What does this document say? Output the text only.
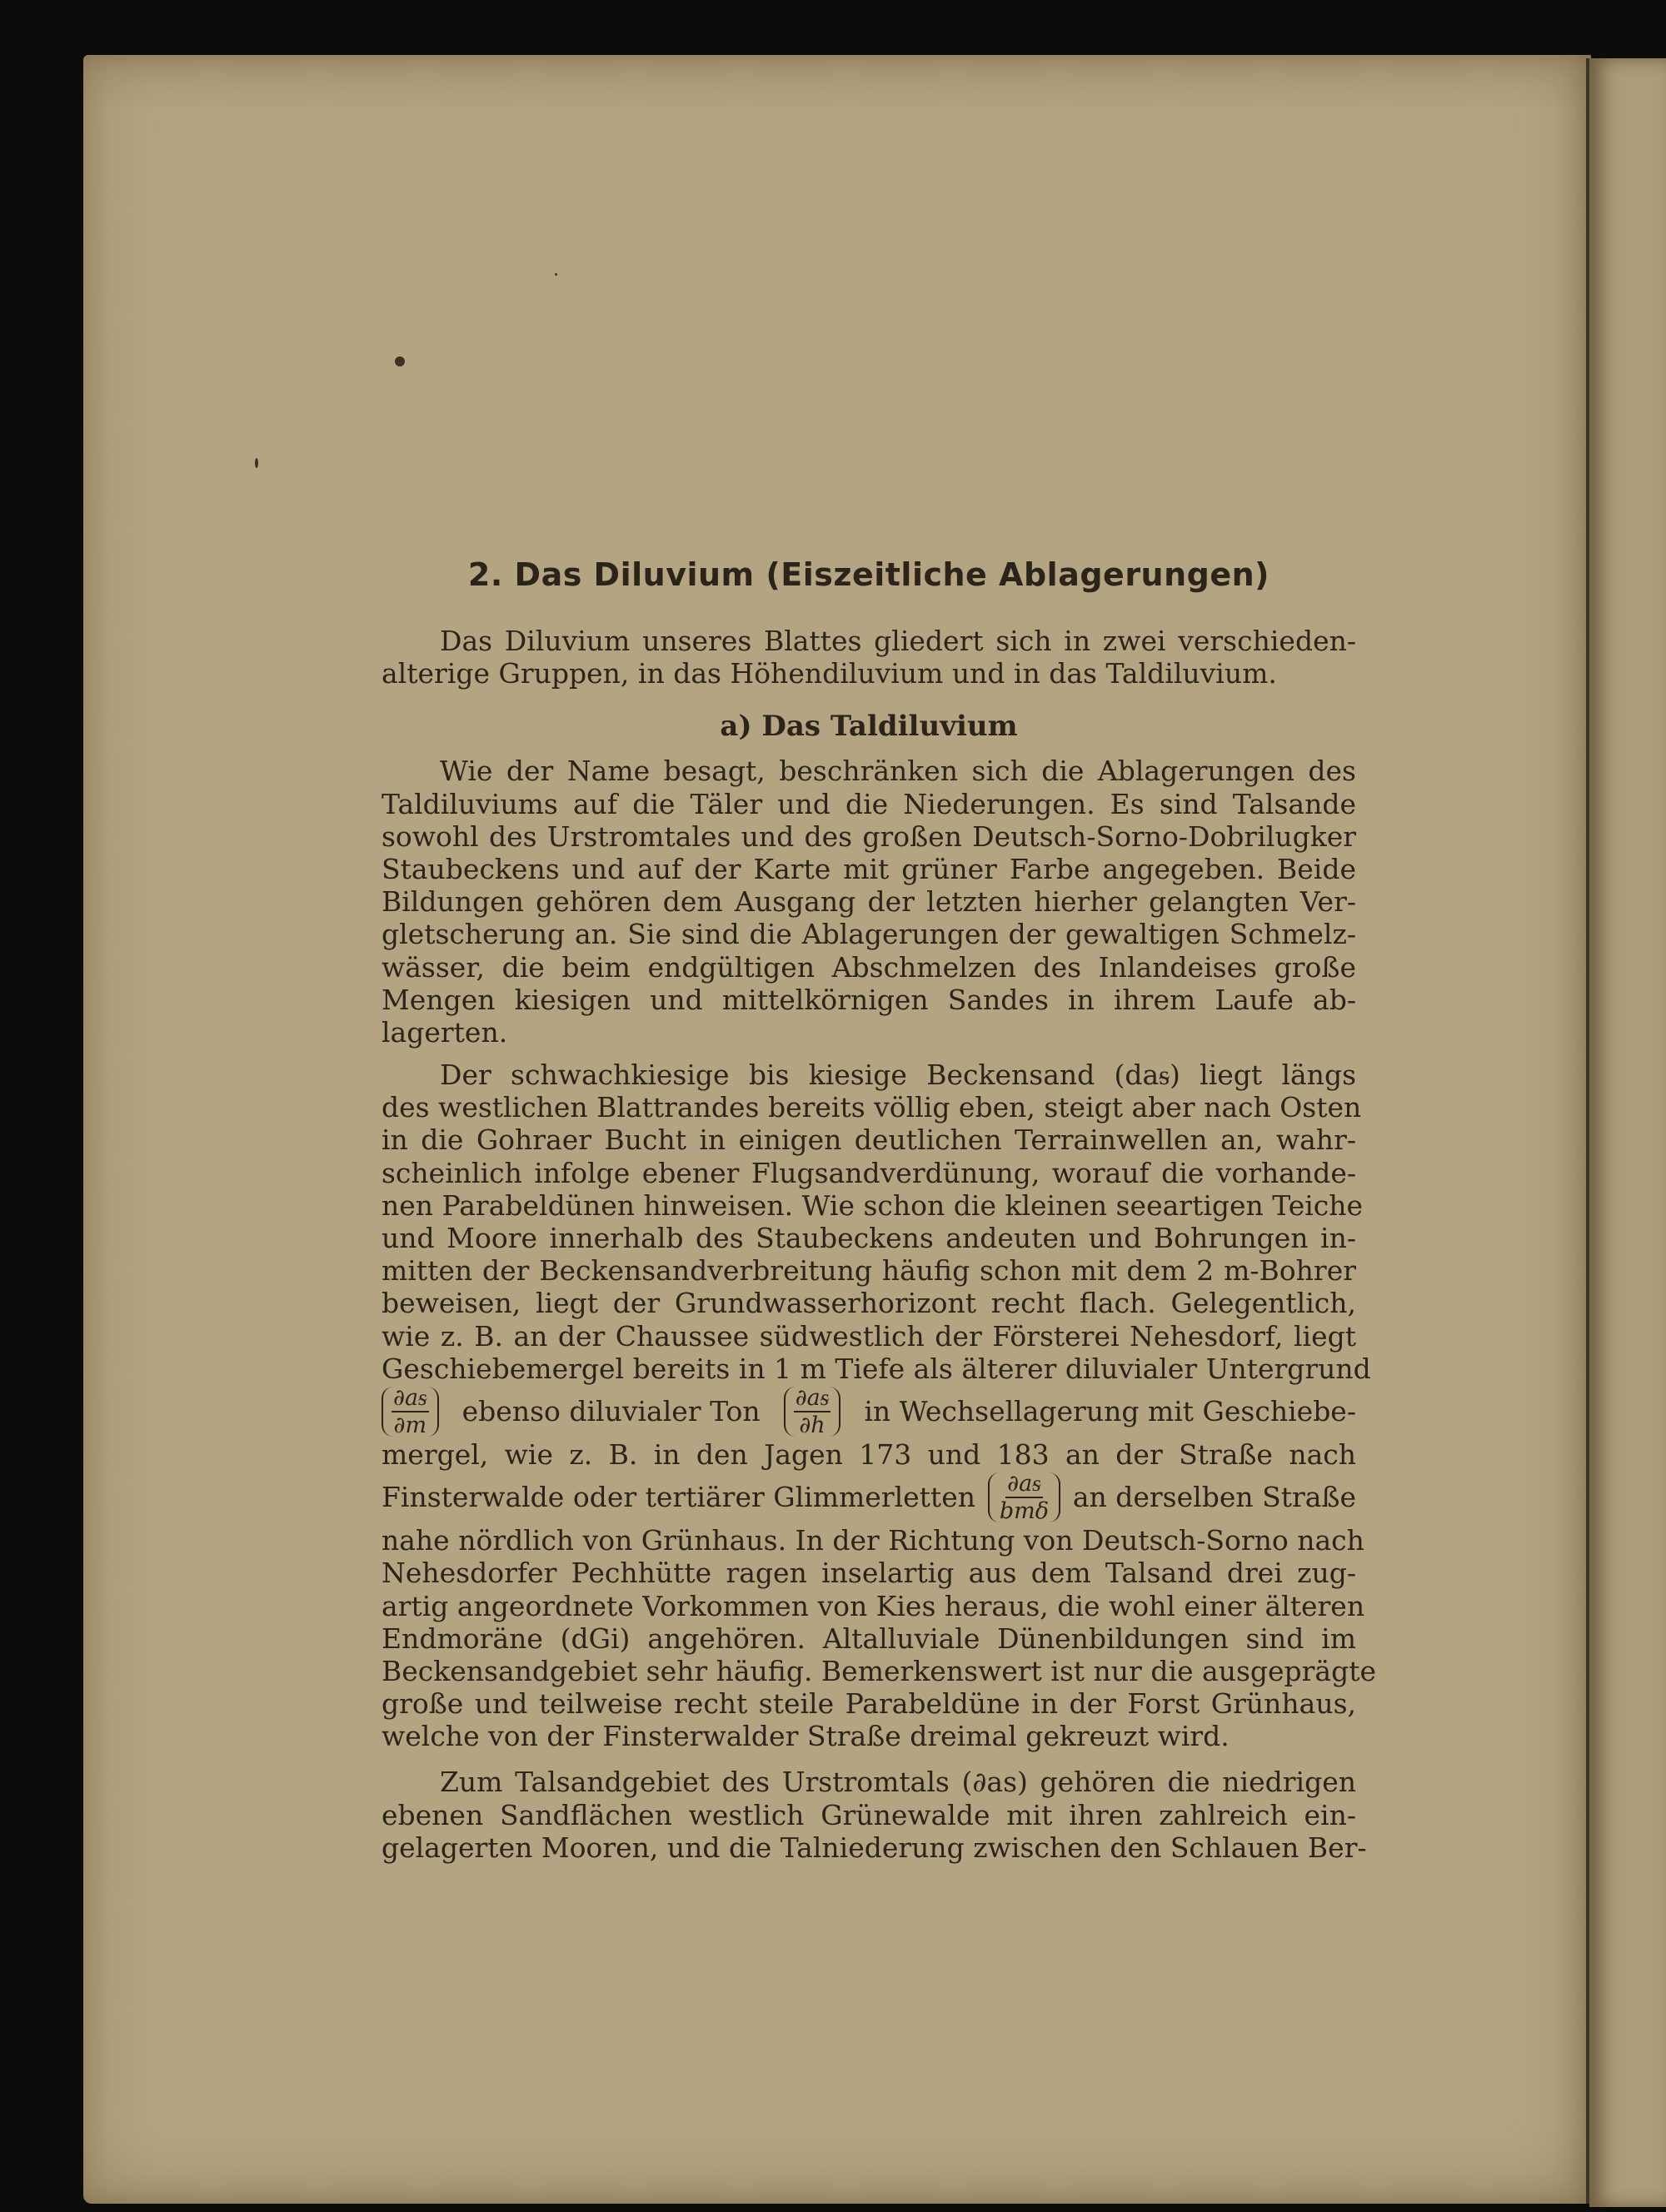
2. Das Diluvium (Eiszeitliche Ablagerungen)
Das Diluvium unseres Blattes gliedert sich in zwei verschieden-
alterige Gruppen, in das Höhendiluvium und in das Taldiluvium.
a) Das Taldiluvium
Wie der Name besagt, beschränken sich die Ablagerungen des
Taldiluviums auf die Täler und die Niederungen. Es sind Talsande
sowohl des Urstromtales und des großen Deutsch-Sorno-Dobrilugker
Staubeckens und auf der Karte mit grüner Farbe angegeben. Beide
Bildungen gehören dem Ausgang der letzten hierher gelangten Ver-
gletscherung an. Sie sind die Ablagerungen der gewaltigen Schmelz-
wässer, die beim endgültigen Abschmelzen des Inlandeises große
Mengen kiesigen und mittelkörnigen Sandes in ihrem Laufe ab-
lagerten.
Der schwachkiesige bis kiesige Beckensand (daᵴ) liegt längs
des westlichen Blattrandes bereits völlig eben, steigt aber nach Osten
in die Gohraer Bucht in einigen deutlichen Terrainwellen an, wahr-
scheinlich infolge ebener Flugsandverdünung, worauf die vorhande-
nen Parabeldünen hinweisen. Wie schon die kleinen seeartigen Teiche
und Moore innerhalb des Staubeckens andeuten und Bohrungen in-
mitten der Beckensandverbreitung häufig schon mit dem 2 m-Bohrer
beweisen, liegt der Grundwasserhorizont recht flach. Gelegentlich,
wie z. B. an der Chaussee südwestlich der Försterei Nehesdorf, liegt
Geschiebemergel bereits in 1 m Tiefe als älterer diluvialer Untergrund
$\frac{\text{∂aᵴ}}{\partial m}$ ebenso diluvialer Ton $\frac{\text{∂aᵴ}}{\partial h}$ in Wechsellagerung mit Geschiebe-
mergel, wie z. B. in den Jagen 173 und 183 an der Straße nach
Finsterwalde oder tertiärer Glimmerletten $\frac{\text{∂aᵴ}}{\text{bmδ}}$ an derselben Straße
nahe nördlich von Grünhaus. In der Richtung von Deutsch-Sorno nach
Nehesdorfer Pechhütte ragen inselartig aus dem Talsand drei zug-
artig angeordnete Vorkommen von Kies heraus, die wohl einer älteren
Endmoräne (dGi) angehören. Altalluviale Dünenbildungen sind im
Beckensandgebiet sehr häufig. Bemerkenswert ist nur die ausgeprägte
große und teilweise recht steile Parabeldüne in der Forst Grünhaus,
welche von der Finsterwalder Straße dreimal gekreuzt wird.
Zum Talsandgebiet des Urstromtals (∂as) gehören die niedrigen
ebenen Sandflächen westlich Grünewalde mit ihren zahlreich ein-
gelagerten Mooren, und die Talniederung zwischen den Schlauen Ber-
